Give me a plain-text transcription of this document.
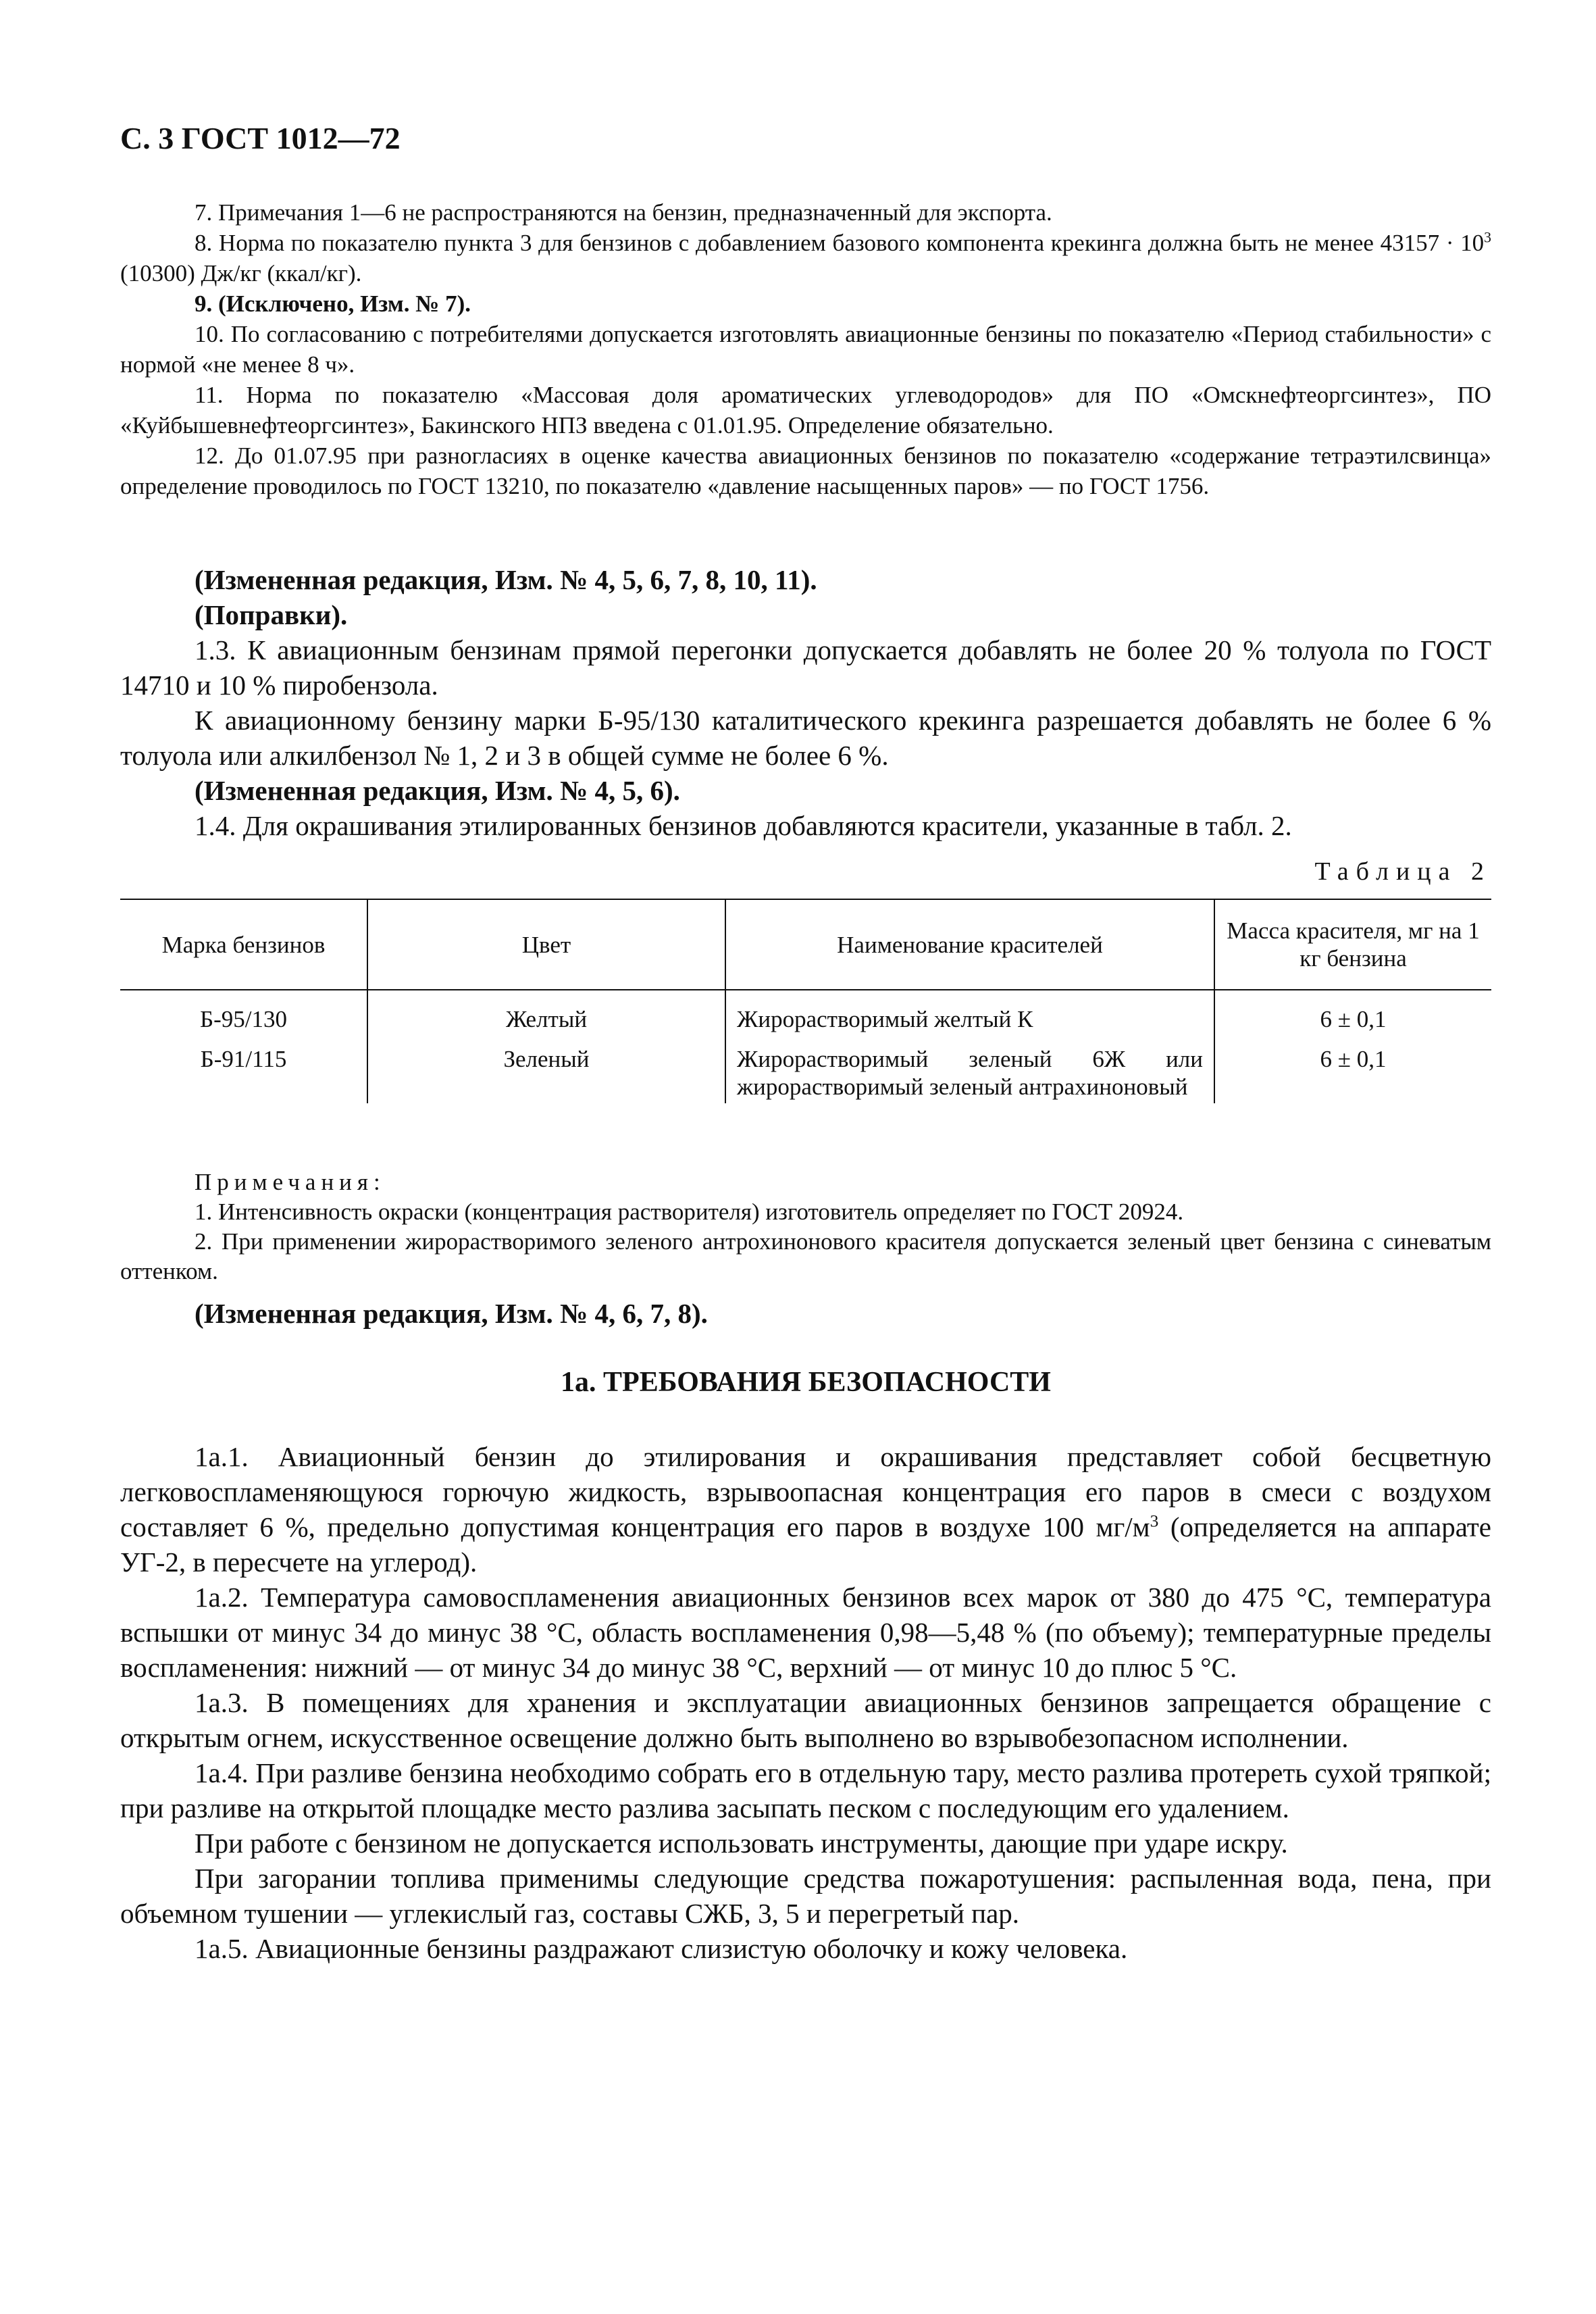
С. 3 ГОСТ 1012—72

7. Примечания 1—6 не распространяются на бензин, предназначенный для экспорта.

8. Норма по показателю пункта 3 для бензинов с добавлением базового компонента крекинга должна быть не менее $43157 \cdot 10^3$ (10300) Дж/кг (ккал/кг).

9. (Исключено, Изм. № 7).

10. По согласованию с потребителями допускается изготовлять авиационные бензины по показателю «Период стабильности» с нормой «не менее 8 ч».

11. Норма по показателю «Массовая доля ароматических углеводородов» для ПО «Омскнефтеоргсинтез», ПО «Куйбышевнефтеоргсинтез», Бакинского НПЗ введена с 01.01.95. Определение обязательно.

12. До 01.07.95 при разногласиях в оценке качества авиационных бензинов по показателю «содержание тетраэтилсвинца» определение проводилось по ГОСТ 13210, по показателю «давление насыщенных паров» — по ГОСТ 1756.

(Измененная редакция, Изм. № 4, 5, 6, 7, 8, 10, 11).

(Поправки).

1.3. К авиационным бензинам прямой перегонки допускается добавлять не более 20 % толуола по ГОСТ 14710 и 10 % пиробензола.

К авиационному бензину марки Б-95/130 каталитического крекинга разрешается добавлять не более 6 % толуола или алкилбензол № 1, 2 и 3 в общей сумме не более 6 %.

(Измененная редакция, Изм. № 4, 5, 6).

1.4. Для окрашивания этилированных бензинов добавляются красители, указанные в табл. 2.

Таблица 2
Марка бензинов	Цвет	Наименование красителей	Масса красителя, мг на 1 кг бензина
Б-95/130	Желтый	Жирорастворимый желтый К	6 ± 0,1
Б-91/115	Зеленый	Жирорастворимый зеленый 6Ж или жирорастворимый зеленый антрахиноновый	6 ± 0,1

Примечания:

1. Интенсивность окраски (концентрация растворителя) изготовитель определяет по ГОСТ 20924.

2. При применении жирорастворимого зеленого антрохинонового красителя допускается зеленый цвет бензина с синеватым оттенком.

(Измененная редакция, Изм. № 4, 6, 7, 8).
1а. ТРЕБОВАНИЯ БЕЗОПАСНОСТИ

1а.1. Авиационный бензин до этилирования и окрашивания представляет собой бесцветную легковоспламеняющуюся горючую жидкость, взрывоопасная концентрация его паров в смеси с воздухом составляет 6 %, предельно допустимая концентрация его паров в воздухе 100 $мг/м^3$ (определяется на аппарате УГ-2, в пересчете на углерод).

1а.2. Температура самовоспламенения авиационных бензинов всех марок от 380 до 475 °С, температура вспышки от минус 34 до минус 38 °С, область воспламенения 0,98—5,48 % (по объему); температурные пределы воспламенения: нижний — от минус 34 до минус 38 °С, верхний — от минус 10 до плюс 5 °С.

1а.3. В помещениях для хранения и эксплуатации авиационных бензинов запрещается обращение с открытым огнем, искусственное освещение должно быть выполнено во взрывобезопасном исполнении.

1а.4. При разливе бензина необходимо собрать его в отдельную тару, место разлива протереть сухой тряпкой; при разливе на открытой площадке место разлива засыпать песком с последующим его удалением.

При работе с бензином не допускается использовать инструменты, дающие при ударе искру.

При загорании топлива применимы следующие средства пожаротушения: распыленная вода, пена, при объемном тушении — углекислый газ, составы СЖБ, 3, 5 и перегретый пар.

1а.5. Авиационные бензины раздражают слизистую оболочку и кожу человека.
